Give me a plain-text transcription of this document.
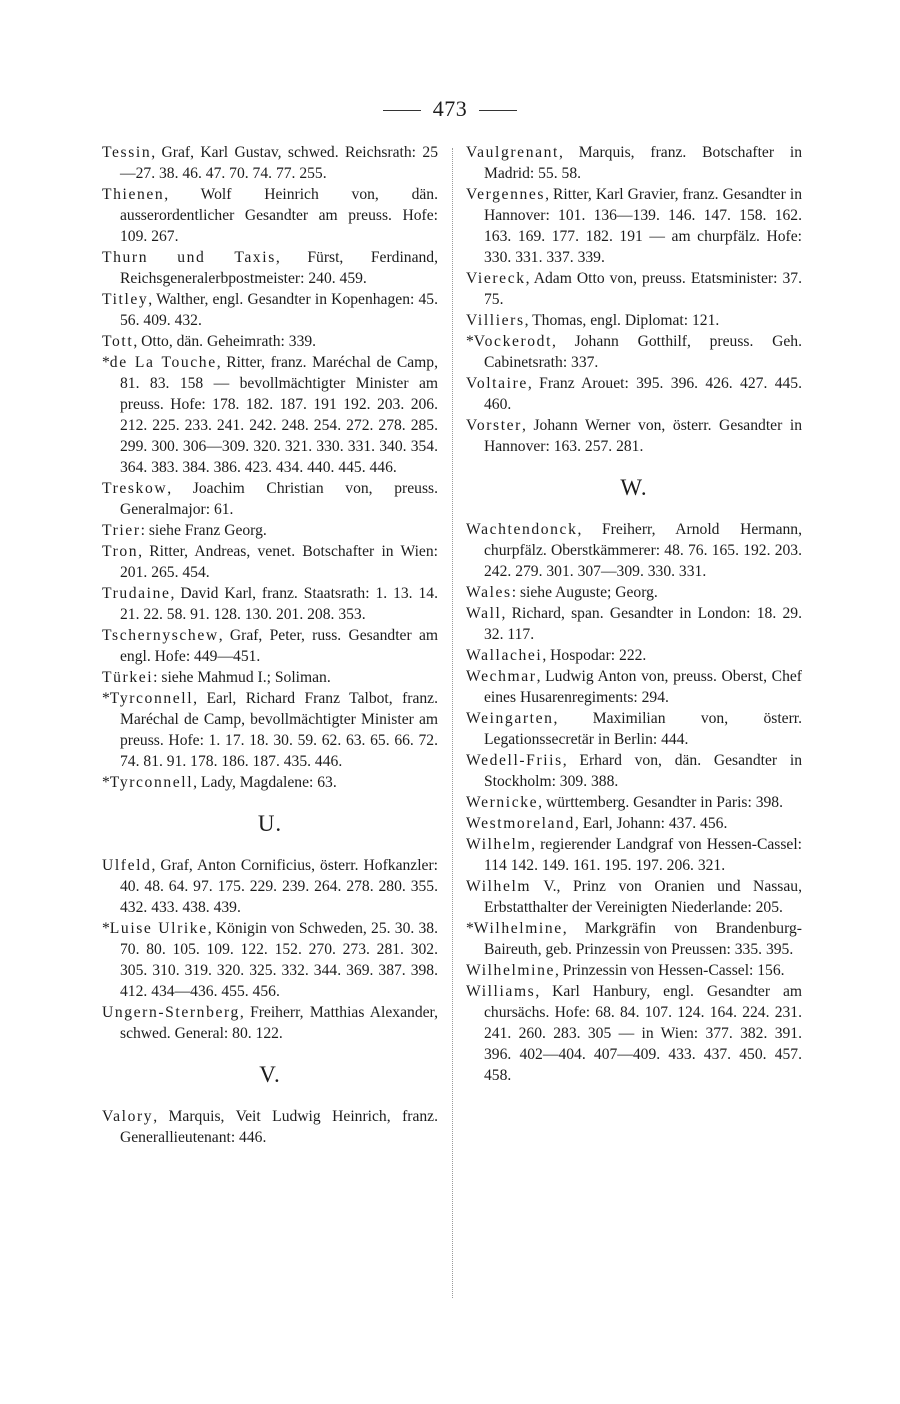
473

Tessin, Graf, Karl Gustav, schwed. Reichsrath: 25—27. 38. 46. 47. 70. 74. 77. 255.

Thienen, Wolf Heinrich von, dän. ausserordentlicher Gesandter am preuss. Hofe: 109. 267.

Thurn und Taxis, Fürst, Ferdinand, Reichsgeneralerbpostmeister: 240. 459.

Titley, Walther, engl. Gesandter in Kopenhagen: 45. 56. 409. 432.

Tott, Otto, dän. Geheimrath: 339.

*de La Touche, Ritter, franz. Maréchal de Camp, 81. 83. 158 — bevollmächtigter Minister am preuss. Hofe: 178. 182. 187. 191 192. 203. 206. 212. 225. 233. 241. 242. 248. 254. 272. 278. 285. 299. 300. 306—309. 320. 321. 330. 331. 340. 354. 364. 383. 384. 386. 423. 434. 440. 445. 446.

Treskow, Joachim Christian von, preuss. Generalmajor: 61.

Trier: siehe Franz Georg.

Tron, Ritter, Andreas, venet. Botschafter in Wien: 201. 265. 454.

Trudaine, David Karl, franz. Staatsrath: 1. 13. 14. 21. 22. 58. 91. 128. 130. 201. 208. 353.

Tschernyschew, Graf, Peter, russ. Gesandter am engl. Hofe: 449—451.

Türkei: siehe Mahmud I.; Soliman.

*Tyrconnell, Earl, Richard Franz Talbot, franz. Maréchal de Camp, bevollmächtigter Minister am preuss. Hofe: 1. 17. 18. 30. 59. 62. 63. 65. 66. 72. 74. 81. 91. 178. 186. 187. 435. 446.

*Tyrconnell, Lady, Magdalene: 63.

U.

Ulfeld, Graf, Anton Cornificius, österr. Hofkanzler: 40. 48. 64. 97. 175. 229. 239. 264. 278. 280. 355. 432. 433. 438. 439.

*Luise Ulrike, Königin von Schweden, 25. 30. 38. 70. 80. 105. 109. 122. 152. 270. 273. 281. 302. 305. 310. 319. 320. 325. 332. 344. 369. 387. 398. 412. 434—436. 455. 456.

Ungern-Sternberg, Freiherr, Matthias Alexander, schwed. General: 80. 122.

V.

Valory, Marquis, Veit Ludwig Heinrich, franz. Generallieutenant: 446.

Vaulgrenant, Marquis, franz. Botschafter in Madrid: 55. 58.

Vergennes, Ritter, Karl Gravier, franz. Gesandter in Hannover: 101. 136—139. 146. 147. 158. 162. 163. 169. 177. 182. 191 — am churpfälz. Hofe: 330. 331. 337. 339.

Viereck, Adam Otto von, preuss. Etatsminister: 37. 75.

Villiers, Thomas, engl. Diplomat: 121.

*Vockerodt, Johann Gotthilf, preuss. Geh. Cabinetsrath: 337.

Voltaire, Franz Arouet: 395. 396. 426. 427. 445. 460.

Vorster, Johann Werner von, österr. Gesandter in Hannover: 163. 257. 281.

W.

Wachtendonck, Freiherr, Arnold Hermann, churpfälz. Oberstkämmerer: 48. 76. 165. 192. 203. 242. 279. 301. 307—309. 330. 331.

Wales: siehe Auguste; Georg.

Wall, Richard, span. Gesandter in London: 18. 29. 32. 117.

Wallachei, Hospodar: 222.

Wechmar, Ludwig Anton von, preuss. Oberst, Chef eines Husarenregiments: 294.

Weingarten, Maximilian von, österr. Legationssecretär in Berlin: 444.

Wedell-Friis, Erhard von, dän. Gesandter in Stockholm: 309. 388.

Wernicke, württemberg. Gesandter in Paris: 398.

Westmoreland, Earl, Johann: 437. 456.

Wilhelm, regierender Landgraf von Hessen-Cassel: 114 142. 149. 161. 195. 197. 206. 321.

Wilhelm V., Prinz von Oranien und Nassau, Erbstatthalter der Vereinigten Niederlande: 205.

*Wilhelmine, Markgräfin von Brandenburg-Baireuth, geb. Prinzessin von Preussen: 335. 395.

Wilhelmine, Prinzessin von Hessen-Cassel: 156.

Williams, Karl Hanbury, engl. Gesandter am chursächs. Hofe: 68. 84. 107. 124. 164. 224. 231. 241. 260. 283. 305 — in Wien: 377. 382. 391. 396. 402—404. 407—409. 433. 437. 450. 457. 458.
